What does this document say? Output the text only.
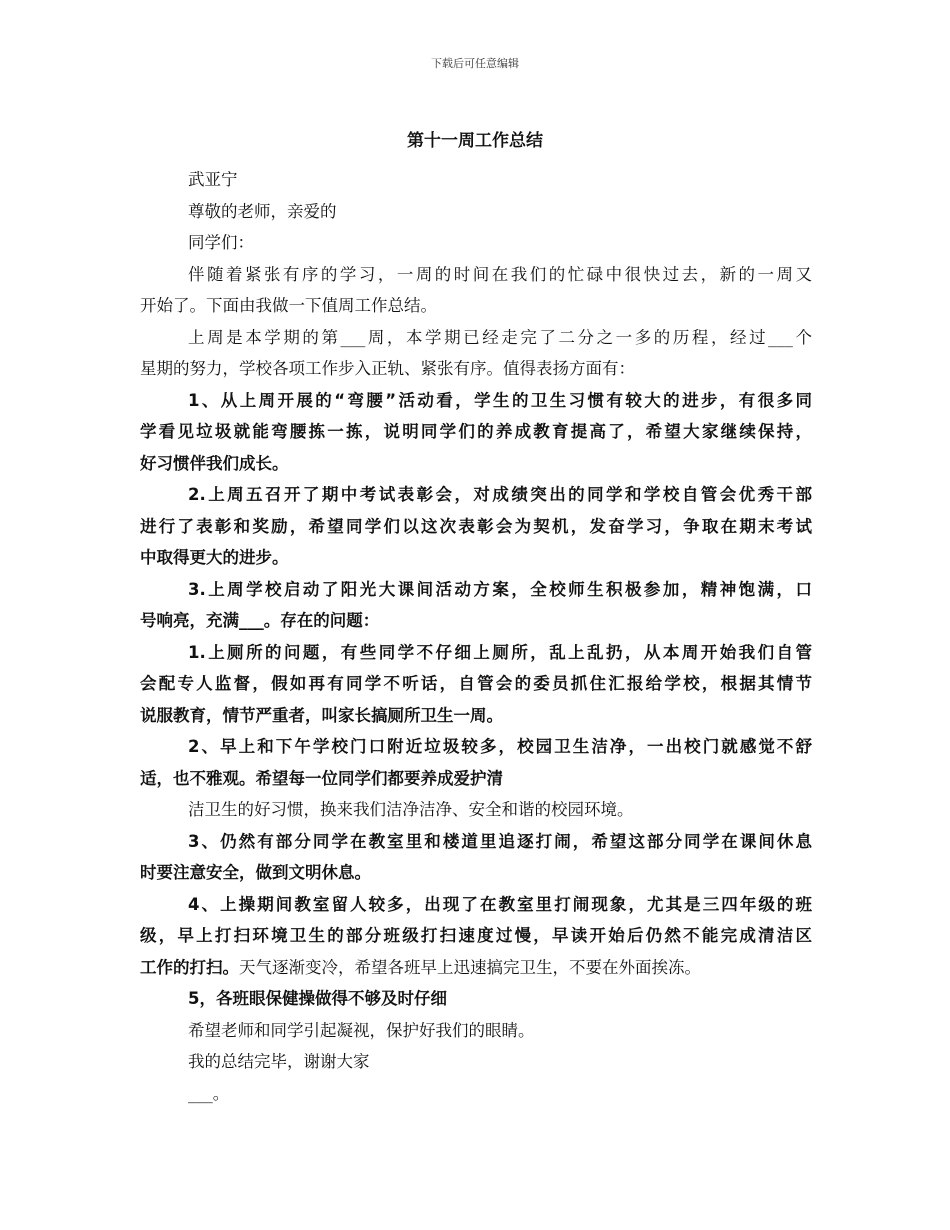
下载后可任意编辑
第十一周工作总结
武亚宁
尊敬的老师，亲爱的
同学们：
伴随着紧张有序的学习，一周的时间在我们的忙碌中很快过去，新的一周又
开始了。下面由我做一下值周工作总结。
上周是本学期的第___周，本学期已经走完了二分之一多的历程，经过___个
星期的努力，学校各项工作步入正轨、紧张有序。值得表扬方面有：
1、从上周开展的“弯腰”活动看，学生的卫生习惯有较大的进步，有很多同
学看见垃圾就能弯腰拣一拣，说明同学们的养成教育提高了，希望大家继续保持，
好习惯伴我们成长。
2.上周五召开了期中考试表彰会，对成绩突出的同学和学校自管会优秀干部
进行了表彰和奖励，希望同学们以这次表彰会为契机，发奋学习，争取在期末考试
中取得更大的进步。
3.上周学校启动了阳光大课间活动方案，全校师生积极参加，精神饱满，口
号响亮，充满___。存在的问题：
1.上厕所的问题，有些同学不仔细上厕所，乱上乱扔，从本周开始我们自管
会配专人监督，假如再有同学不听话，自管会的委员抓住汇报给学校，根据其情节
说服教育，情节严重者，叫家长搞厕所卫生一周。
2、早上和下午学校门口附近垃圾较多，校园卫生洁净，一出校门就感觉不舒
适，也不雅观。希望每一位同学们都要养成爱护清
洁卫生的好习惯，换来我们洁净洁净、安全和谐的校园环境。
3、仍然有部分同学在教室里和楼道里追逐打闹，希望这部分同学在课间休息
时要注意安全，做到文明休息。
4、上操期间教室留人较多，出现了在教室里打闹现象，尤其是三四年级的班
级，早上打扫环境卫生的部分班级打扫速度过慢，早读开始后仍然不能完成清洁区
工作的打扫。天气逐渐变冷，希望各班早上迅速搞完卫生，不要在外面挨冻。
5，各班眼保健操做得不够及时仔细
希望老师和同学引起凝视，保护好我们的眼睛。
我的总结完毕，谢谢大家
___。
